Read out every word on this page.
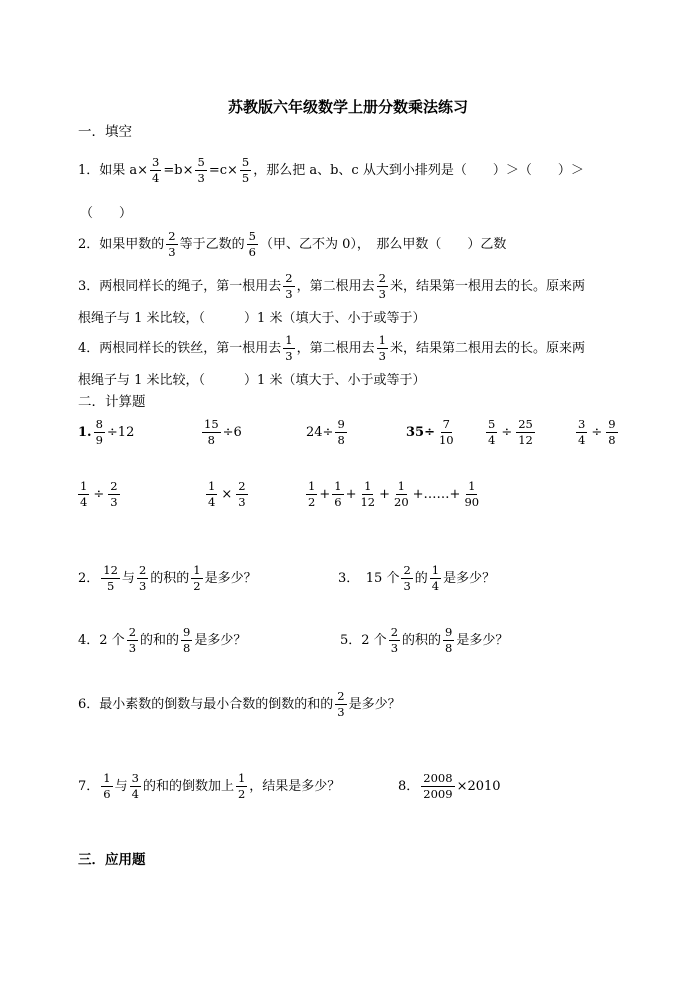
苏教版六年级数学上册分数乘法练习
一．填空
1．如果 $a\times \frac{3}{4} =b\times \frac{5}{3} =c\times \frac{5}{5}$ ，那么把 a、b、c 从大到小排列是（　　）＞（　　）＞
（　　）
2．如果甲数的 $\frac{2}{3}$ 等于乙数的 $\frac{5}{6}$ （甲、乙不为 0），　那么甲数（　　）乙数
3．两根同样长的绳子，第一根用去 $\frac{2}{3}$ ，第二根用去 $\frac{2}{3}$ 米，结果第一根用去的长。原来两
根绳子与 1 米比较，（　　　）1 米（填大于、小于或等于）
4．两根同样长的铁丝，第一根用去 $\frac{1}{3}$ ，第二根用去 $\frac{1}{3}$ 米，结果第二根用去的长。原来两
根绳子与 1 米比较，（　　　）1 米（填大于、小于或等于）
二．计算题
1. $\frac{8}{9} \div 12$	$\frac{15}{8} \div 6$	$24\div \frac{9}{8}$	$35\div \frac{7}{10}$	$\frac{5}{4} \div \frac{25}{12}$	$\frac{3}{4} \div \frac{9}{8}$
$\frac{1}{4} \div \frac{2}{3}$	$\frac{1}{4} \times \frac{2}{3}$	$\frac{1}{2} + \frac{1}{6} + \frac{1}{12} + \frac{1}{20}$ +……+ $\frac{1}{90}$
2． $\frac{12}{5}$ 与 $\frac{2}{3}$ 的积的 $\frac{1}{2}$ 是多少？	3．　15 个 $\frac{2}{3}$ 的 $\frac{1}{4}$ 是多少？
4．2 个 $\frac{2}{3}$ 的和的 $\frac{9}{8}$ 是多少？	5．2 个 $\frac{2}{3}$ 的积的 $\frac{9}{8}$ 是多少？
6．最小素数的倒数与最小合数的倒数的和的 $\frac{2}{3}$ 是多少？
7． $\frac{1}{6}$ 与 $\frac{3}{4}$ 的和的倒数加上 $\frac{1}{2}$ ，结果是多少？	8． $\frac{2008}{2009} \times 2010$
三．应用题
